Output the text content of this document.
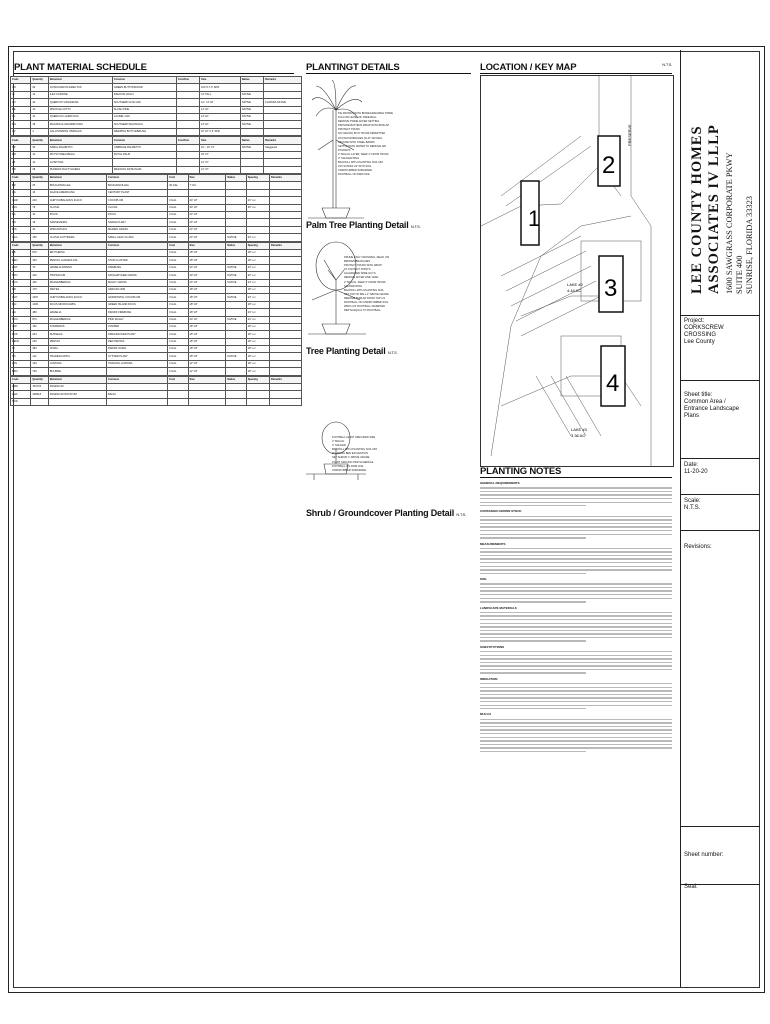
PLANT MATERIAL SCHEDULE
Code	Quantity	Botanical	Common	Cont/Cal.	Size	Native	Remarks
CO	29	CONOCARPUS ERECTUS	GREEN BUTTONWOOD		10'HT X 5' SPR		
IC	13	ILEX CASSINE	DAHOON HOLLY		14' TALL	NATIVE	
QV	42	QUERCUS VIRGINIANA	SOUTHERN LIVE OAK		12'- 14' HT	NATIVE	FLORIDA NATIVE
PE	12	PINUS ELLIOTTII	SLASH PINE		14' HT	NATIVE	
QL	12	QUERCUS LAURIFOLIA	LAUREL OAK		14' HT	NATIVE	
MG	18	MAGNOLIA GRANDIFLORA	SOUTHERN MAGNOLIA		14' HT	NATIVE	
CV	4	CALLISTEMON VIMINALIS	WEEPING BOTTLEBRUSH		10' HT X 5' SPR		
Code	Quantity	Botanical	Common	Cont/Cal.	Size	Native	Remarks
SP	33	SABAL PALMETTO	CABBAGE PALMETTO		10' - 16' CT	NATIVE	Staggered
RR	12	ROYSTONEA REGIA	ROYAL PALM		18' CT		
LB	14	LIVISTONA			12' CT		
PD	28	PHOENIX DACTYLIFERA	MEDJOOL DATE PALM		12' CT		
Code	Quantity	Botanical	Common	Cont	Size	Native	Spacing	Remarks
BR	25	BOUGAINVILLEA	BOUGAINVILLEA	30 GAL	7' OA			
AG	16	AGAVE AMERICANA	CENTURY PLANT					
CHR	240	CHRYSOBALANUS ICACO	COCOPLUM	3 GAL	24" HT		24" o.c.	
CLU	79	CLUSIA	CLUSIA	3 GAL	30" HT		30" o.c.	
FG	10	FICUS	FICUS	3 GAL	24" HT			
SN	18	SANSEVIERIA	SNAKE PLANT	3 GAL	24" HT			
MIS	40	MISCANTHUS	MAIDEN GRASS	3 GAL	24" HT			
CLG	150	CLUSIA GUTTIFERA	SMALL LEAF CLUSIA	3 GAL	24" HT	NATIVE	24" o.c.	
Code	Quantity	Botanical	Common	Cont	Size	Native	Spacing	Remarks
EB	870	ERYTHRINA		3 GAL	18" HT		18" o.c.	
PEN	430	PENTAS LANCEOLATA	STAR CLUSTER	3 GAL	18" HT		18" o.c.	
HAP	70	HAMELIA PATENS	FIREBUSH	3 GAL	24" HT	NATIVE	24" o.c.	
TRO	420	TRIPSACUM	FAKAHATCHEE GRASS	3 GAL	30" HT	NATIVE	30" o.c.	
MUC	430	MUHLENBERGIA	MUHLY GRASS	3 GAL	24" HT	NATIVE	24" o.c.	
DR	175	DIETES	AFRICAN IRIS	3 GAL	18" HT		18" o.c.	
CHY	1097	CHRYSOBALANUS ICACO	HORIZONTAL COCOPLUM	3 GAL	18" HT	NATIVE	24" o.c.	
FGI	1200	FICUS MICROCARPA	GREEN ISLAND FICUS	3 GAL	18" HT		18" o.c.	
HH	480	HAMELIA	DWARF FIREBUSH	3 GAL	18" HT		24" o.c.	
MUC	870	MUHLENBERGIA	PINK MUHLY	3 GAL	24" HT	NATIVE	24" o.c.	
JUP	152	JUNIPERUS	JUNIPER	3 GAL	18" HT		18" o.c.	
RUS	264	RUSSELIA	FIRECRACKER PLANT	3 GAL	18" HT		18" o.c.	
PENC	230	PENTAS	RED PENTAS	3 GAL	18" HT		18" o.c.	
IR	483	IXORA	DWARF IXORA	3 GAL	18" HT		18" o.c.	
TD	112	TRADESCANTIA	OYSTER PLANT	3 GAL	18" HT	NATIVE	18" o.c.	
LAN	133	LANTANA	TRAILING LANTANA	3 GAL	12" HT		18" o.c.	
BRO	730	BULBINE		3 GAL	12" HT		18" o.c.	
Code	Quantity	Botanical	Common	Cont	Size	Native	Spacing	Remarks
ARM	154734	PASPALUM						
AHA	348618	PASPALUM NOTATUM	BAHIA					
SOD								
PLANTINGT DETAILS
TIE FRONDS WITH BIODEGRADABLE TWINE
FOLLOW LEVEL OF TREE BALL
REMOVE TWINE AFTER SETTING
PROVIDE BATTENS WRAP WITH BURLAP
PROTECT TRUNK
NO NAILING INTO TRUNK PERMITTED
2X4 WOOD BRACES (3) AT 120 DEG.
SECURE WITH STEEL BANDS
SETTLE WITH WATER TO REMOVE AIR
POCKETS
2" MULCH LAYER, KEEP 4" FROM TRUNK
3" SAUCER RING
BACKFILL WITH PLANTING SOIL MIX
2X4 STAKES 24" INTO SOIL
UNDISTURBED SUBGRADE
ROOTBALL ON FIRM SOIL
Palm Tree Planting Detail N.T.S.
PRUNE ONLY CROSSING, DEAD, OR
BROKEN BRANCHES
PROTECT TRUNK WITH WRAP
AT CONTACT POINTS
GALVANIZED WIRE GUYS
REMOVE AFTER ONE YEAR
2" MULCH, KEEP 3" FROM TRUNK
SAUCER RING
BACKFILL WITH PLANTING SOIL
SET TOP OF BALL 2" ABOVE GRADE
REMOVE BURLAP FROM TOP 1/3
ROOTBALL ON UNDISTURBED SOIL
WIDTH 2X ROOTBALL DIAMETER
DEPTH EQUAL TO ROOTBALL
Tree Planting Detail N.T.S.
FOOTBALL LEAST SPECIFIED SIZE
2" MULCH
3" SAUCER
BACKFILL WITH PLANTING SOIL MIX
PLANTING BED EXCAVATION
SET SHRUB 1" ABOVE GRADE
PLANT SPACING PER SCHEDULE
FOOTBALL ON FIRM SOIL
UNDISTURBED SUBGRADE
Shrub / Groundcover Planting Detail N.T.S.
LOCATION / KEY MAP	N.T.S.
1
2
3
4
LAKE #2
4.44 AC
LAKE #3
3.36 AC
PRESERVE
PLANTING NOTES
GENERAL REQUIREMENTS
CONTAINER GROWN STOCK
MEASUREMENTS
SOIL
LANDSCAPE MATERIALS
SUBSTITUTIONS
IRRIGATION
MULCH
LEE COUNTY HOMES ASSOCIATES IV LLLP 1600 SAWGRASS CORPORATE PKWY SUITE 400 SUNRISE, FLORIDA 33323
Project:
CORKSCREW
CROSSING
Lee County
Sheet title:
Common Area /
Entrance Landscape
Plans
Date:
11-20-20
Scale:
N.T.S.
Revisions:
Sheet number:
Seal:
